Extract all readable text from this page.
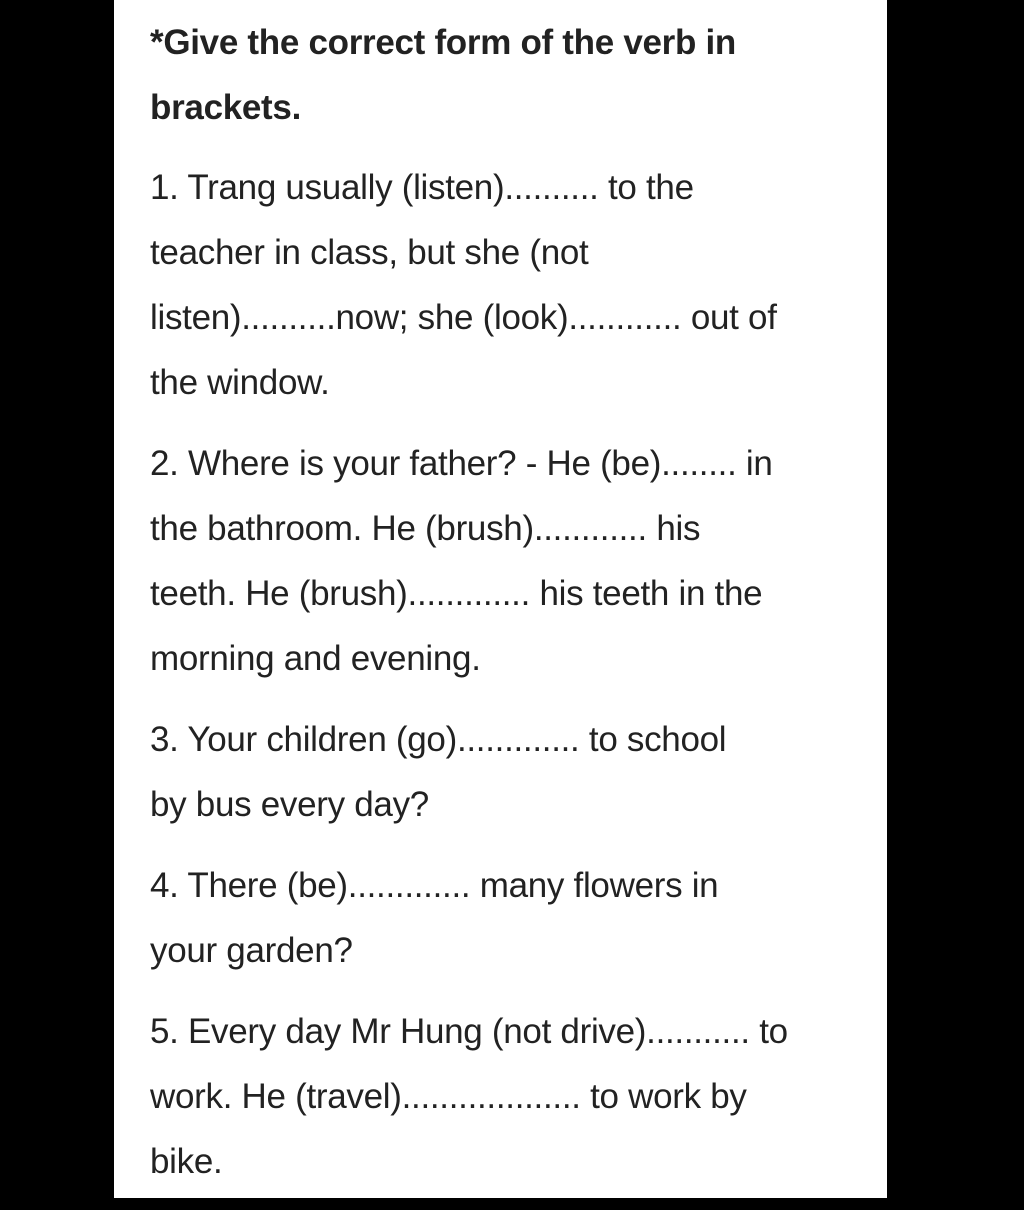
*Give the correct form of the verb in
brackets.
1. Trang usually (listen).......... to the
teacher in class, but she (not
listen)..........now; she (look)............ out of
the window.
2. Where is your father? - He (be)........ in
the bathroom. He (brush)............ his
teeth. He (brush)............. his teeth in the
morning and evening.
3. Your children (go)............. to school
by bus every day?
4. There (be)............. many flowers in
your garden?
5. Every day Mr Hung (not drive)........... to
work. He (travel)................... to work by
bike.
